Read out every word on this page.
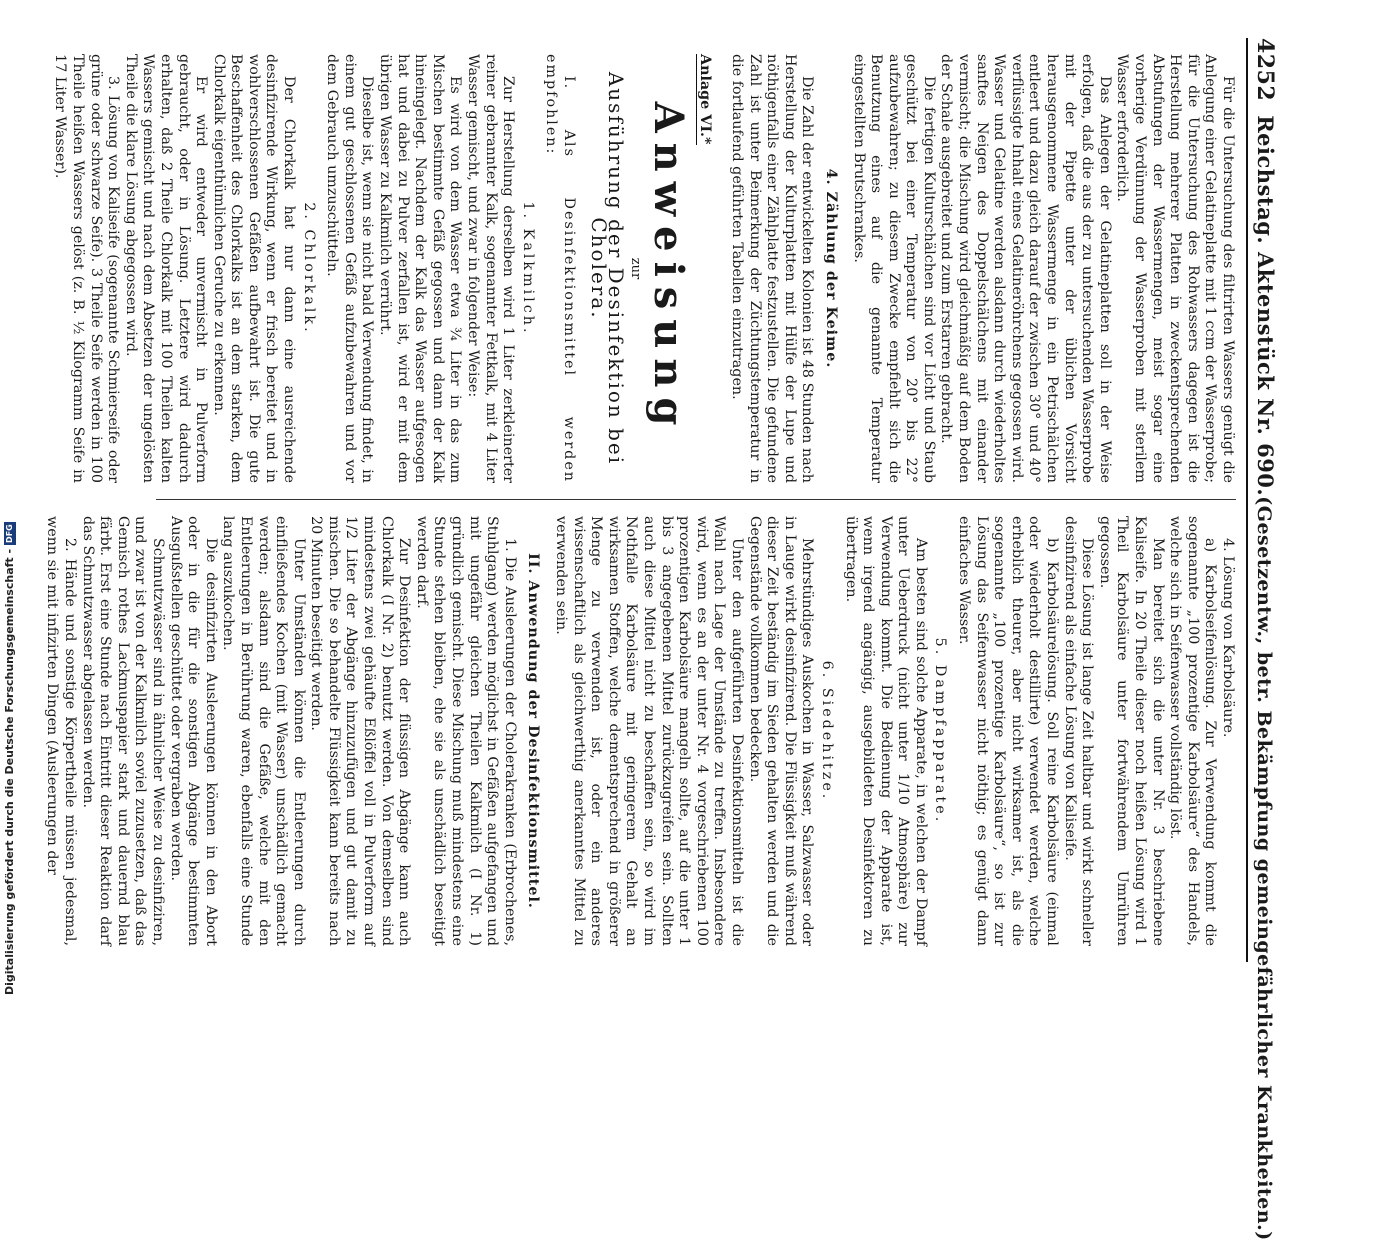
Digitalisierung gefördert durch die Deutsche Forschungsgemeinschaft -
DFG
4252
Reichstag. Aktenstück Nr. 690.
(Gesetzentw., betr. Bekämpfung gemeingefährlicher Krankheiten.)

Für die Untersuchung des filtrirten Wassers genügt die Anlegung einer Gelatineplatte mit 1 ccm der Wasserprobe; für die Untersuchung des Rohwassers dagegen ist die Herstellung mehrerer Platten in zweckentsprechenden Abstufungen der Wassermengen, meist sogar eine vorherige Verdünnung der Wasserproben mit sterilem Wasser erforderlich.

Das Anlegen der Gelatineplatten soll in der Weise erfolgen, daß die aus der zu untersuchenden Wasserprobe mit der Pipette unter der üblichen Vorsicht herausgenommene Wassermenge in ein Petrischälchen entleert und dazu gleich darauf der zwischen 30° und 40° verflüssigte Inhalt eines Gelatineröhrchens gegossen wird. Wasser und Gelatine werden alsdann durch wiederholtes sanftes Neigen des Doppelschälchens mit einander vermischt; die Mischung wird gleichmäßig auf dem Boden der Schale ausgebreitet und zum Erstarren gebracht.

Die fertigen Kulturschälchen sind vor Licht und Staub geschützt bei einer Temperatur von 20° bis 22° aufzubewahren; zu diesem Zwecke empfiehlt sich die Benutzung eines auf die genannte Temperatur eingestellten Brutschrankes.

4. Zählung der Keime.

Die Zahl der entwickelten Kolonien ist 48 Stunden nach Herstellung der Kulturplatten mit Hülfe der Lupe und nöthigenfalls einer Zählplatte festzustellen. Die gefundene Zahl ist unter Beimerkung der Züchtungstemperatur in die fortlaufend geführten Tabellen einzutragen.

Anlage VI.*
Anweisung
zur
Ausführung der Desinfektion bei Cholera.

I. Als Desinfektionsmittel werden empfohlen:

1. Kalkmilch.

Zur Herstellung derselben wird 1 Liter zerkleinerter reiner gebrannter Kalk, sogenannter Fettkalk, mit 4 Liter Wasser gemischt, und zwar in folgender Weise:

Es wird von dem Wasser etwa ¾ Liter in das zum Mischen bestimmte Gefäß gegossen und dann der Kalk hineingelegt. Nachdem der Kalk das Wasser aufgesogen hat und dabei zu Pulver zerfallen ist, wird er mit dem übrigen Wasser zu Kalkmilch verrührt.

Dieselbe ist, wenn sie nicht bald Verwendung findet, in einem gut geschlossenen Gefäß aufzubewahren und vor dem Gebrauch umzuschütteln.

2. Chlorkalk.

Der Chlorkalk hat nur dann eine ausreichende desinfizirende Wirkung, wenn er frisch bereitet und in wohlverschlossenen Gefäßen aufbewahrt ist. Die gute Beschaffenheit des Chlorkalks ist an dem starken, dem Chlorkalk eigenthümlichen Geruche zu erkennen.

Er wird entweder unvermischt in Pulverform gebraucht, oder in Lösung. Letztere wird dadurch erhalten, daß 2 Theile Chlorkalk mit 100 Theilen kalten Wassers gemischt und nach dem Absetzen der ungelösten Theile die klare Lösung abgegossen wird.

3. Lösung von Kaliseife (sogenannte Schmierseife oder grüne oder schwarze Seife). 3 Theile Seife werden in 100 Theile heißen Wassers gelöst (z. B. ½ Kilogramm Seife in 17 Liter Wasser).

4. Lösung von Karbolsäure.

a) Karbolseifenlösung. Zur Verwendung kommt die sogenannte „100 prozentige Karbolsäure“ des Handels, welche sich in Seifenwasser vollständig löst.

Man bereitet sich die unter Nr. 3 beschriebene Kaliseife. In 20 Theile dieser noch heißen Lösung wird 1 Theil Karbolsäure unter fortwährendem Umrühren gegossen.

Diese Lösung ist lange Zeit haltbar und wirkt schneller desinfizirend als einfache Lösung von Kaliseife.

b) Karbolsäurelösung. Soll reine Karbolsäure (einmal oder wiederholt destillirte) verwendet werden, welche erheblich theurer, aber nicht wirksamer ist, als die sogenannte „100 prozentige Karbolsäure“, so ist zur Lösung das Seifenwasser nicht nöthig; es genügt dann einfaches Wasser.

5. Dampfapparate.

Am besten sind solche Apparate, in welchen der Dampf unter Ueberdruck (nicht unter 1/10 Atmosphäre) zur Verwendung kommt. Die Bedienung der Apparate ist, wenn irgend angängig, ausgebildeten Desinfektoren zu übertragen.

6. Siedehitze.

Mehrstündiges Auskochen in Wasser, Salzwasser oder in Lauge wirkt desinfizirend. Die Flüssigkeit muß während dieser Zeit beständig im Sieden gehalten werden und die Gegenstände vollkommen bedecken.

Unter den aufgeführten Desinfektionsmitteln ist die Wahl nach Lage der Umstände zu treffen. Insbesondere wird, wenn es an der unter Nr. 4 vorgeschriebenen 100 prozentigen Karbolsäure mangeln sollte, auf die unter 1 bis 3 angegebenen Mittel zurückzugreifen sein. Sollten auch diese Mittel nicht zu beschaffen sein, so wird im Nothfalle Karbolsäure mit geringerem Gehalt an wirksamen Stoffen, welche dementsprechend in größerer Menge zu verwenden ist, oder ein anderes wissenschaftlich als gleichwerthig anerkanntes Mittel zu verwenden sein.

II. Anwendung der Desinfektionsmittel.

1. Die Ausleerungen der Cholerakranken (Erbrochenes, Stuhlgang) werden möglichst in Gefäßen aufgefangen und mit ungefähr gleichen Theilen Kalkmilch (I Nr. 1) gründlich gemischt. Diese Mischung muß mindestens eine Stunde stehen bleiben, ehe sie als unschädlich beseitigt werden darf.

Zur Desinfektion der flüssigen Abgänge kann auch Chlorkalk (I Nr. 2) benutzt werden. Von demselben sind mindestens zwei gehäufte Eßlöffel voll in Pulverform auf 1/2 Liter der Abgänge hinzuzufügen und gut damit zu mischen. Die so behandelte Flüssigkeit kann bereits nach 20 Minuten beseitigt werden.

Unter Umständen können die Entleerungen durch einfließendes Kochen (mit Wasser) unschädlich gemacht werden; alsdann sind die Gefäße, welche mit den Entleerungen in Berührung waren, ebenfalls eine Stunde lang auszukochen.

Die desinfizirten Ausleerungen können in den Abort oder in die für die sonstigen Abgänge bestimmten Ausgußstellen geschüttet oder vergraben werden.

Schmutzwässer sind in ähnlicher Weise zu desinfiziren, und zwar ist von der Kalkmilch soviel zuzusetzen, daß das Gemisch rothes Lackmuspapier stark und dauernd blau färbt. Erst eine Stunde nach Eintritt dieser Reaktion darf das Schmutzwasser abgelassen werden.

2. Hände und sonstige Körpertheile müssen jedesmal, wenn sie mit infizirten Dingen (Ausleerungen der
